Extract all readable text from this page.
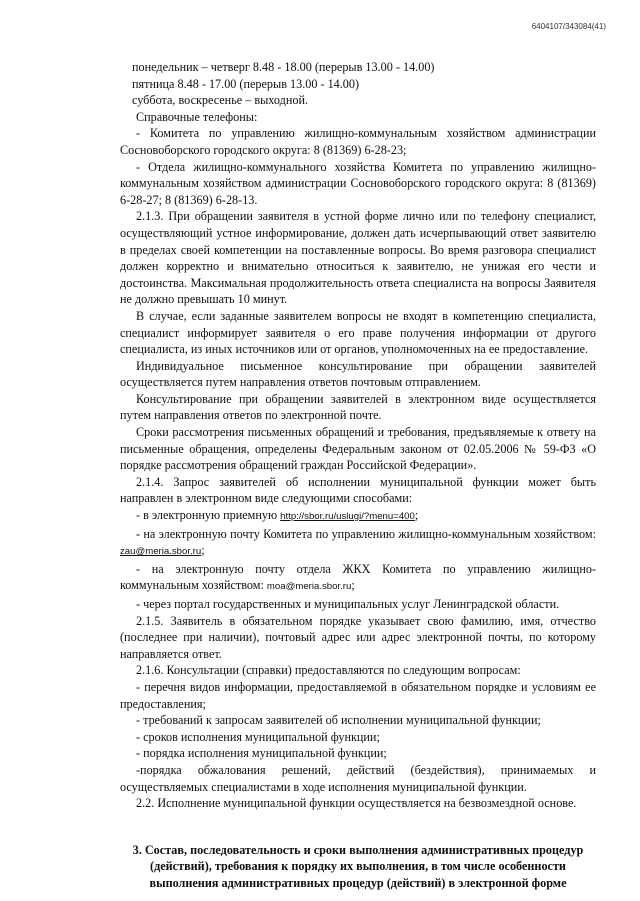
6404107/343084(41)

понедельник – четверг 8.48 - 18.00 (перерыв 13.00 - 14.00)

пятница 8.48 - 17.00 (перерыв 13.00 - 14.00)

суббота, воскресенье – выходной.

Справочные телефоны:

- Комитета по управлению жилищно-коммунальным хозяйством администрации Сосновоборского городского округа: 8 (81369) 6-28-23;

- Отдела жилищно-коммунального хозяйства Комитета по управлению жилищно-коммунальным хозяйством администрации Сосновоборского городского округа: 8 (81369) 6-28-27; 8 (81369) 6-28-13.

2.1.3. При обращении заявителя в устной форме лично или по телефону специалист, осуществляющий устное информирование, должен дать исчерпывающий ответ заявителю в пределах своей компетенции на поставленные вопросы. Во время разговора специалист должен корректно и внимательно относиться к заявителю, не унижая его чести и достоинства. Максимальная продолжительность ответа специалиста на вопросы Заявителя не должно превышать 10 минут.

В случае, если заданные заявителем вопросы не входят в компетенцию специалиста, специалист информирует заявителя о его праве получения информации от другого специалиста, из иных источников или от органов, уполномоченных на ее предоставление.

Индивидуальное письменное консультирование при обращении заявителей осуществляется путем направления ответов почтовым отправлением.

Консультирование при обращении заявителей в электронном виде осуществляется путем направления ответов по электронной почте.

Сроки рассмотрения письменных обращений и требования, предъявляемые к ответу на письменные обращения, определены Федеральным законом от 02.05.2006 № 59-ФЗ «О порядке рассмотрения обращений граждан Российской Федерации».

2.1.4. Запрос заявителей об исполнении муниципальной функции может быть направлен в электронном виде следующими способами:

- в электронную приемную http://sbor.ru/uslugi/?menu=400;

- на электронную почту Комитета по управлению жилищно-коммунальным хозяйством: zau@meria.sbor.ru;

- на электронную почту отдела ЖКХ Комитета по управлению жилищно-коммунальным хозяйством: moa@meria.sbor.ru;

- через портал государственных и муниципальных услуг Ленинградской области.

2.1.5. Заявитель в обязательном порядке указывает свою фамилию, имя, отчество (последнее при наличии), почтовый адрес или адрес электронной почты, по которому направляется ответ.

2.1.6. Консультации (справки) предоставляются по следующим вопросам:

- перечня видов информации, предоставляемой в обязательном порядке и условиям ее предоставления;

- требований к запросам заявителей об исполнении муниципальной функции;

- сроков исполнения муниципальной функции;

- порядка исполнения муниципальной функции;

-порядка обжалования решений, действий (бездействия), принимаемых и осуществляемых специалистами в ходе исполнения муниципальной функции.

2.2. Исполнение муниципальной функции осуществляется на безвозмездной основе.

3. Состав, последовательность и сроки выполнения административных процедур (действий), требования к порядку их выполнения, в том числе особенности выполнения административных процедур (действий) в электронной форме
